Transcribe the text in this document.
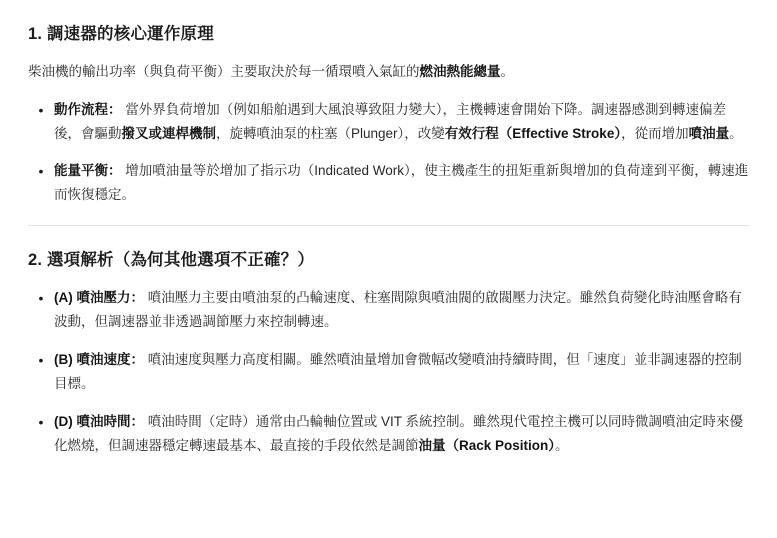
1. 調速器的核心運作原理

柴油機的輸出功率（與負荷平衡）主要取決於每一循環噴入氣缸的燃油熱能總量。

• 動作流程： 當外界負荷增加（例如船舶遇到大風浪導致阻力變大），主機轉速會開始下降。調速器感測到轉速偏差後，會驅動撥叉或連桿機制，旋轉噴油泵的柱塞（Plunger），改變有效行程（Effective Stroke），從而增加噴油量。
• 能量平衡： 增加噴油量等於增加了指示功（Indicated Work），使主機產生的扭矩重新與增加的負荷達到平衡，轉速進而恢復穩定。
2. 選項解析（為何其他選項不正確？）
• (A) 噴油壓力： 噴油壓力主要由噴油泵的凸輪速度、柱塞間隙與噴油閥的啟閥壓力決定。雖然負荷變化時油壓會略有波動，但調速器並非透過調節壓力來控制轉速。
• (B) 噴油速度： 噴油速度與壓力高度相關。雖然噴油量增加會微幅改變噴油持續時間，但「速度」並非調速器的控制目標。
• (D) 噴油時間： 噴油時間（定時）通常由凸輪軸位置或 VIT 系統控制。雖然現代電控主機可以同時微調噴油定時來優化燃燒，但調速器穩定轉速最基本、最直接的手段依然是調節油量（Rack Position）。
